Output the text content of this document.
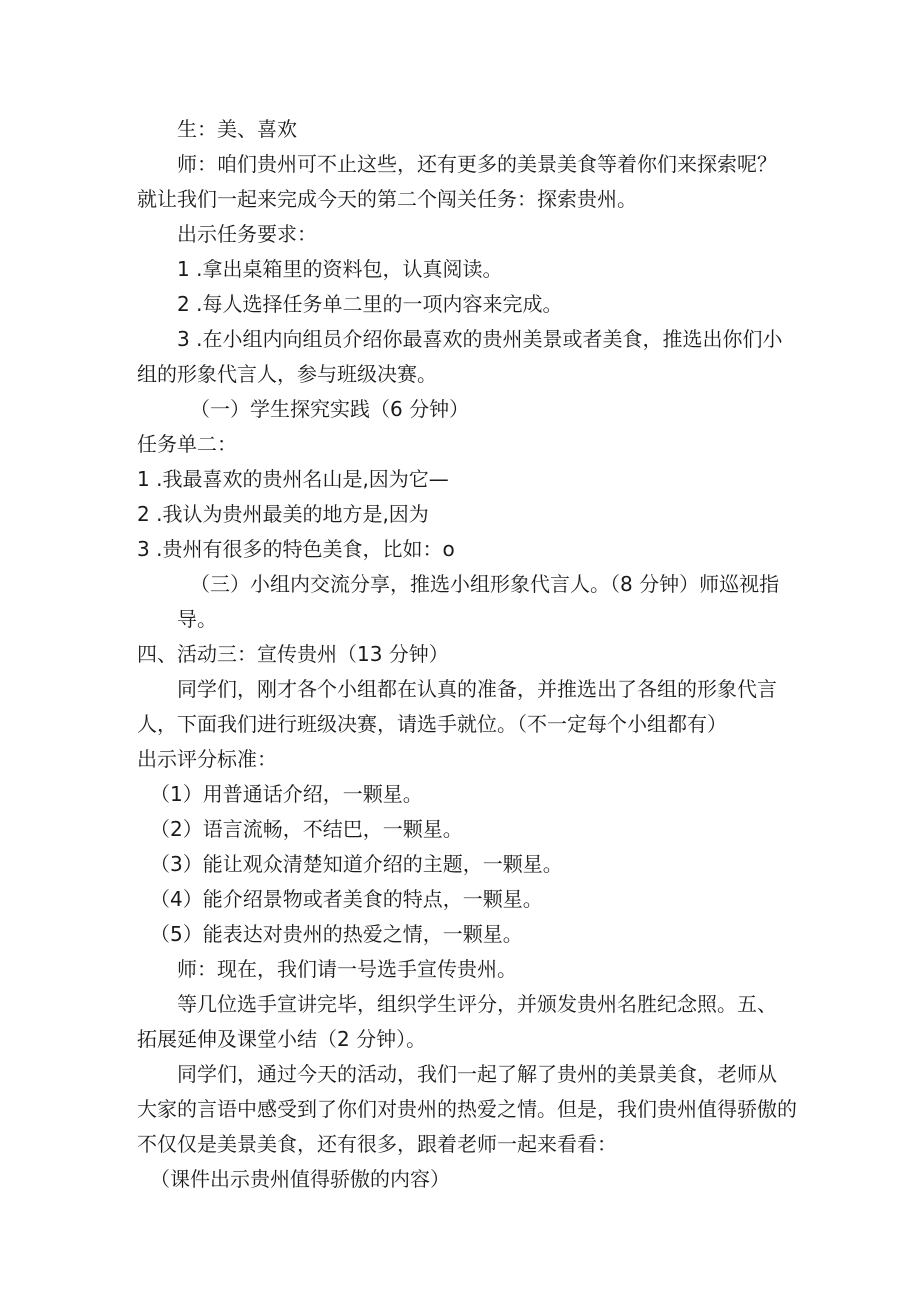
生：美、喜欢
师：咱们贵州可不止这些，还有更多的美景美食等着你们来探索呢？
就让我们一起来完成今天的第二个闯关任务：探索贵州。
出示任务要求：
1 .拿出桌箱里的资料包，认真阅读。
2 .每人选择任务单二里的一项内容来完成。
3 .在小组内向组员介绍你最喜欢的贵州美景或者美食，推选出你们小
组的形象代言人，参与班级决赛。
（一）学生探究实践（6 分钟）
任务单二：
1 .我最喜欢的贵州名山是,因为它—
2 .我认为贵州最美的地方是,因为
3 .贵州有很多的特色美食，比如：o
（三）小组内交流分享，推选小组形象代言人。（8 分钟）师巡视指
导。
四、活动三：宣传贵州（13 分钟）
同学们，刚才各个小组都在认真的准备，并推选出了各组的形象代言
人，下面我们进行班级决赛，请选手就位。（不一定每个小组都有）
出示评分标准：
（1）用普通话介绍，一颗星。
（2）语言流畅，不结巴，一颗星。
（3）能让观众清楚知道介绍的主题，一颗星。
（4）能介绍景物或者美食的特点，一颗星。
（5）能表达对贵州的热爱之情，一颗星。
师：现在，我们请一号选手宣传贵州。
等几位选手宣讲完毕，组织学生评分，并颁发贵州名胜纪念照。五、
拓展延伸及课堂小结（2 分钟）。
同学们，通过今天的活动，我们一起了解了贵州的美景美食，老师从
大家的言语中感受到了你们对贵州的热爱之情。但是，我们贵州值得骄傲的
不仅仅是美景美食，还有很多，跟着老师一起来看看：
（课件出示贵州值得骄傲的内容）
